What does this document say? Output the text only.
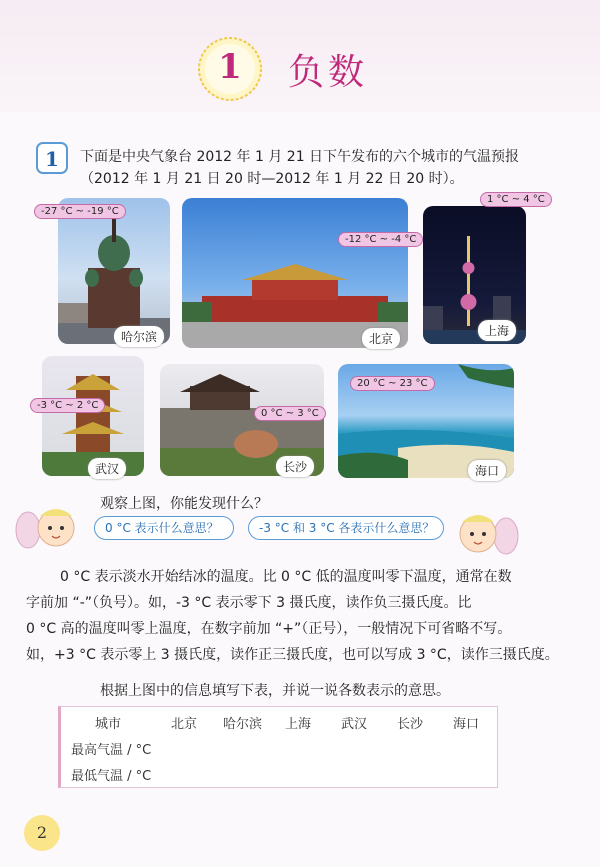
1	负数
1	下面是中央气象台 2012 年 1 月 21 日下午发布的六个城市的气温预报
（2012 年 1 月 21 日 20 时—2012 年 1 月 22 日 20 时）。
-27 °C ~ -19 °C
哈尔滨
-12 °C ~ -4 °C
北京
1 °C ~ 4 °C
上海
-3 °C ~ 2 °C
武汉
0 °C ~ 3 °C
长沙
20 °C ~ 23 °C
海口
观察上图，你能发现什么？
0 °C 表示什么意思？	-3 °C 和 3 °C 各表示什么意思？
0 °C 表示淡水开始结冰的温度。比 0 °C 低的温度叫零下温度，通常在数
字前加 “-”（负号）。如，-3 °C 表示零下 3 摄氏度，读作负三摄氏度。比
0 °C 高的温度叫零上温度，在数字前加 “+”（正号），一般情况下可省略不写。
如，+3 °C 表示零上 3 摄氏度，读作正三摄氏度，也可以写成 3 °C，读作三摄氏度。
根据上图中的信息填写下表，并说一说各数表示的意思。
城市	北京 哈尔滨 上海 武汉 长沙 海口
最高气温 / °C
最低气温 / °C
2
